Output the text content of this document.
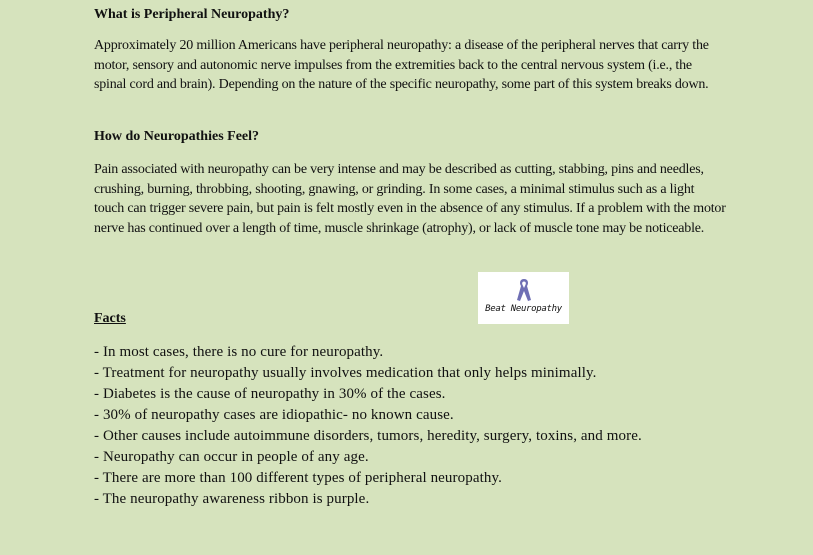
What is Peripheral Neuropathy?

Approximately 20 million Americans have peripheral neuropathy: a disease of the peripheral nerves that carry the motor, sensory and autonomic nerve impulses from the extremities back to the central nervous system (i.e., the spinal cord and brain). Depending on the nature of the specific neuropathy, some part of this system breaks down.

How do Neuropathies Feel?

Pain associated with neuropathy can be very intense and may be described as cutting, stabbing, pins and needles, crushing, burning, throbbing, shooting, gnawing, or grinding. In some cases, a minimal stimulus such as a light touch can trigger severe pain, but pain is felt mostly even in the absence of any stimulus. If a problem with the motor nerve has continued over a length of time, muscle shrinkage (atrophy), or lack of muscle tone may be noticeable.

Beat Neuropathy
Facts
- In most cases, there is no cure for neuropathy.
- Treatment for neuropathy usually involves medication that only helps minimally.
- Diabetes is the cause of neuropathy in 30% of the cases.
- 30% of neuropathy cases are idiopathic- no known cause.
- Other causes include autoimmune disorders, tumors, heredity, surgery, toxins, and more.
- Neuropathy can occur in people of any age.
- There are more than 100 different types of peripheral neuropathy.
- The neuropathy awareness ribbon is purple.
